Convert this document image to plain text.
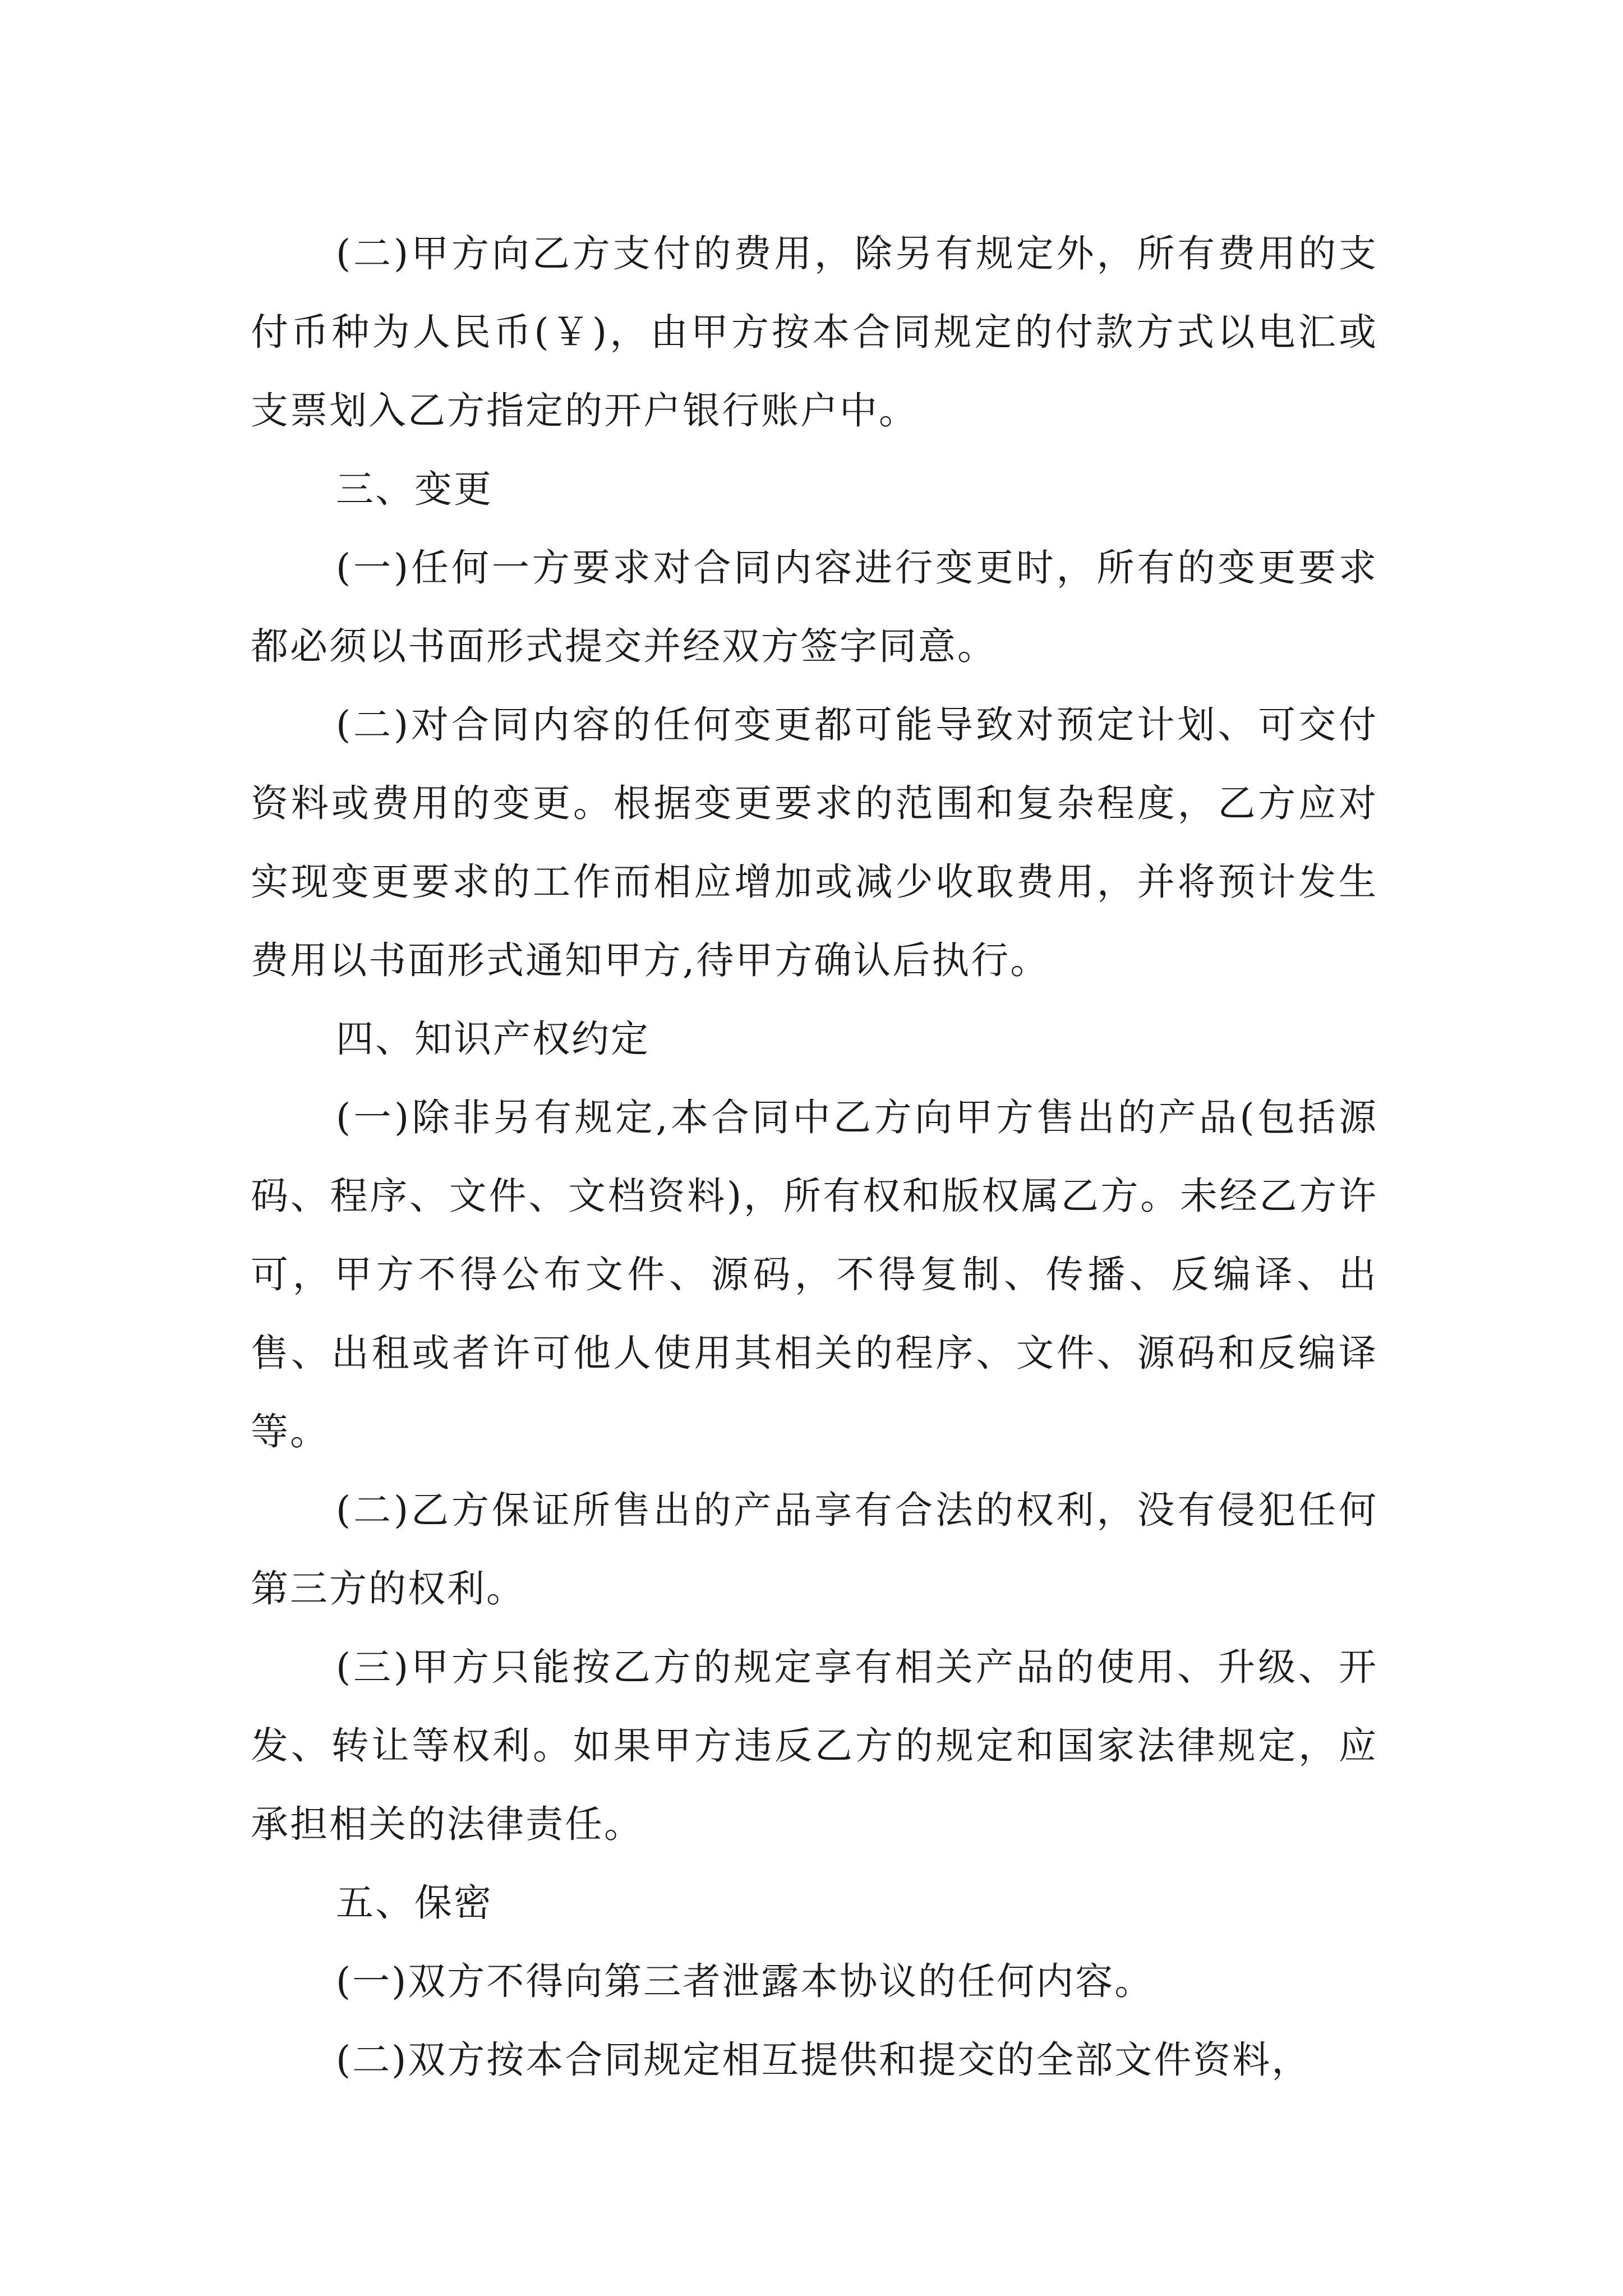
(二)甲方向乙方支付的费用，除另有规定外，所有费用的支付币种为人民币(￥)，由甲方按本合同规定的付款方式以电汇或支票划入乙方指定的开户银行账户中。

三、变更

(一)任何一方要求对合同内容进行变更时，所有的变更要求都必须以书面形式提交并经双方签字同意。

(二)对合同内容的任何变更都可能导致对预定计划、可交付资料或费用的变更。根据变更要求的范围和复杂程度，乙方应对实现变更要求的工作而相应增加或减少收取费用，并将预计发生费用以书面形式通知甲方,待甲方确认后执行。

四、知识产权约定

(一)除非另有规定,本合同中乙方向甲方售出的产品(包括源码、程序、文件、文档资料)，所有权和版权属乙方。未经乙方许可，甲方不得公布文件、源码，不得复制、传播、反编译、出售、出租或者许可他人使用其相关的程序、文件、源码和反编译等。

(二)乙方保证所售出的产品享有合法的权利，没有侵犯任何第三方的权利。

(三)甲方只能按乙方的规定享有相关产品的使用、升级、开发、转让等权利。如果甲方违反乙方的规定和国家法律规定，应承担相关的法律责任。

五、保密

(一)双方不得向第三者泄露本协议的任何内容。

(二)双方按本合同规定相互提供和提交的全部文件资料，
